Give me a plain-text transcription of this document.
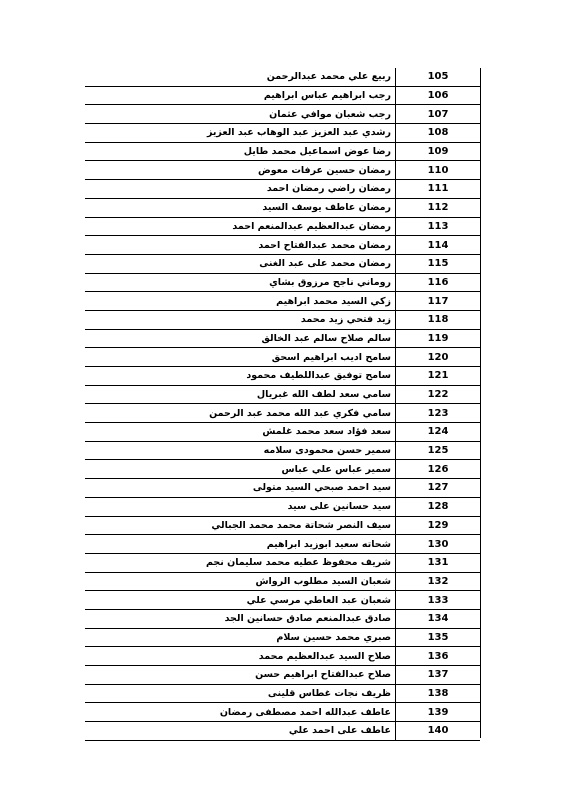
105	ربيع علي محمد عبدالرحمن
106	رجب ابراهيم عباس ابراهيم
107	رجب شعبان موافي عثمان
108	رشدي عبد العزيز عبد الوهاب عبد العزيز
109	رضا عوض اسماعيل محمد طايل
110	رمضان حسين عرفات معوض
111	رمضان راضي رمضان احمد
112	رمضان عاطف يوسف السيد
113	رمضان عبدالعظيم عبدالمنعم احمد
114	رمضان محمد عبدالفتاح احمد
115	رمضان محمد على عبد الغنى
116	روماني ناجح مرزوق بشاي
117	زكي السيد محمد ابراهيم
118	زيد فتحي زيد محمد
119	سالم صلاح سالم عبد الخالق
120	سامح اديب ابراهيم اسحق
121	سامح توفيق عبداللطيف محمود
122	سامي سعد لطف الله غبريال
123	سامي فكري عبد الله محمد عبد الرحمن
124	سعد فؤاد سعد محمد غلمش
125	سمير حسن محمودى سلامه
126	سمير عباس علي عباس
127	سيد احمد صبحي السيد متولى
128	سيد حسانين على سيد
129	سيف النصر شحاتة محمد محمد الجبالي
130	شحاته سعيد ابوزيد ابراهيم
131	شريف محفوظ عطيه محمد سليمان نجم
132	شعبان السيد مطلوب الرواش
133	شعبان عبد العاطي مرسي علي
134	صادق عبدالمنعم صادق حسانين الجد
135	صبري محمد حسين سلام
136	صلاح السيد عبدالعظيم محمد
137	صلاح عبدالفتاح ابراهيم حسن
138	ظريف نجات غطاس قلينى
139	عاطف عبدالله احمد مصطفى رمضان
140	عاطف على احمد علي
